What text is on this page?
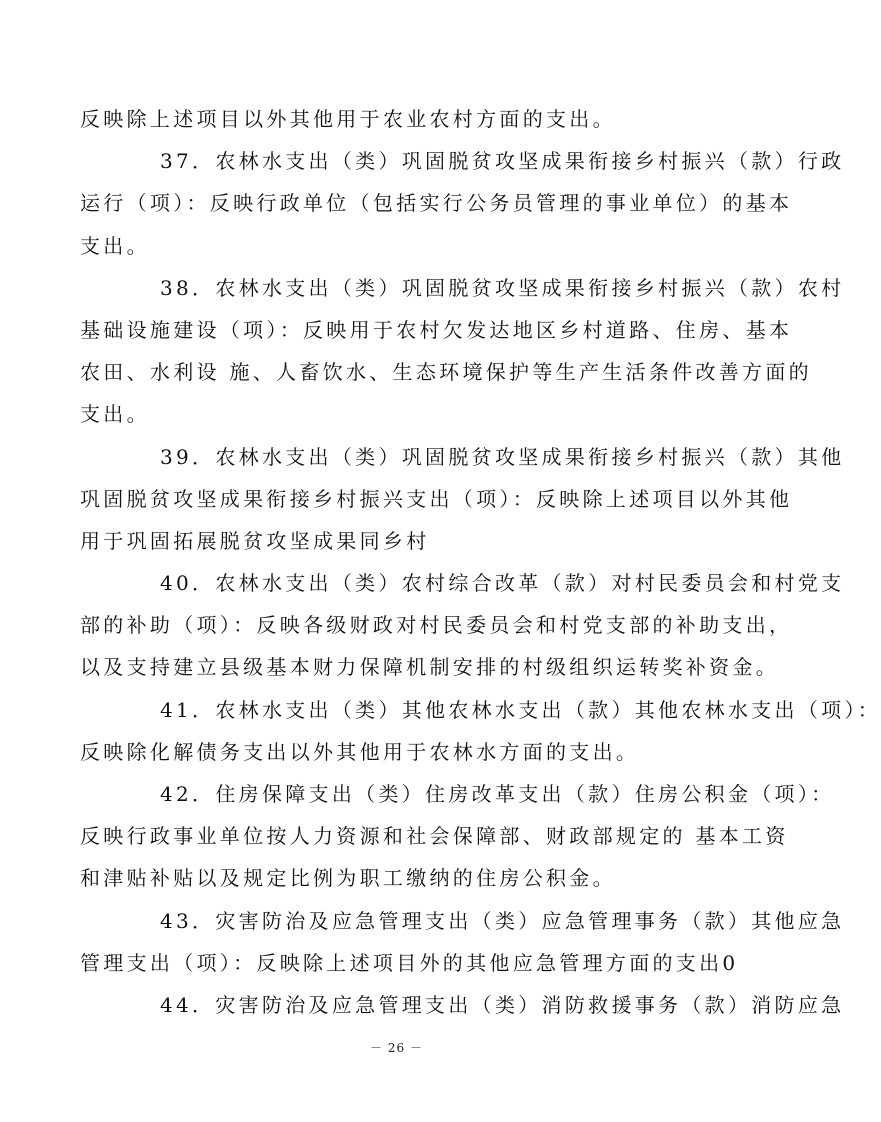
反映除上述项目以外其他用于农业农村方面的支出。
37．农林水支出（类）巩固脱贫攻坚成果衔接乡村振兴（款）行政
运行（项）：反映行政单位（包括实行公务员管理的事业单位）的基本
支出。
38．农林水支出（类）巩固脱贫攻坚成果衔接乡村振兴（款）农村
基础设施建设（项）：反映用于农村欠发达地区乡村道路、住房、基本
农田、水利设 施、人畜饮水、生态环境保护等生产生活条件改善方面的
支出。
39．农林水支出（类）巩固脱贫攻坚成果衔接乡村振兴（款）其他
巩固脱贫攻坚成果衔接乡村振兴支出（项）：反映除上述项目以外其他
用于巩固拓展脱贫攻坚成果同乡村
40．农林水支出（类）农村综合改革（款）对村民委员会和村党支
部的补助（项）：反映各级财政对村民委员会和村党支部的补助支出，
以及支持建立县级基本财力保障机制安排的村级组织运转奖补资金。
41．农林水支出（类）其他农林水支出（款）其他农林水支出（项）：
反映除化解债务支出以外其他用于农林水方面的支出。
42．住房保障支出（类）住房改革支出（款）住房公积金（项）：
反映行政事业单位按人力资源和社会保障部、财政部规定的 基本工资
和津贴补贴以及规定比例为职工缴纳的住房公积金。
43．灾害防治及应急管理支出（类）应急管理事务（款）其他应急
管理支出（项）：反映除上述项目外的其他应急管理方面的支出0
44．灾害防治及应急管理支出（类）消防救援事务（款）消防应急
－ 26 －
